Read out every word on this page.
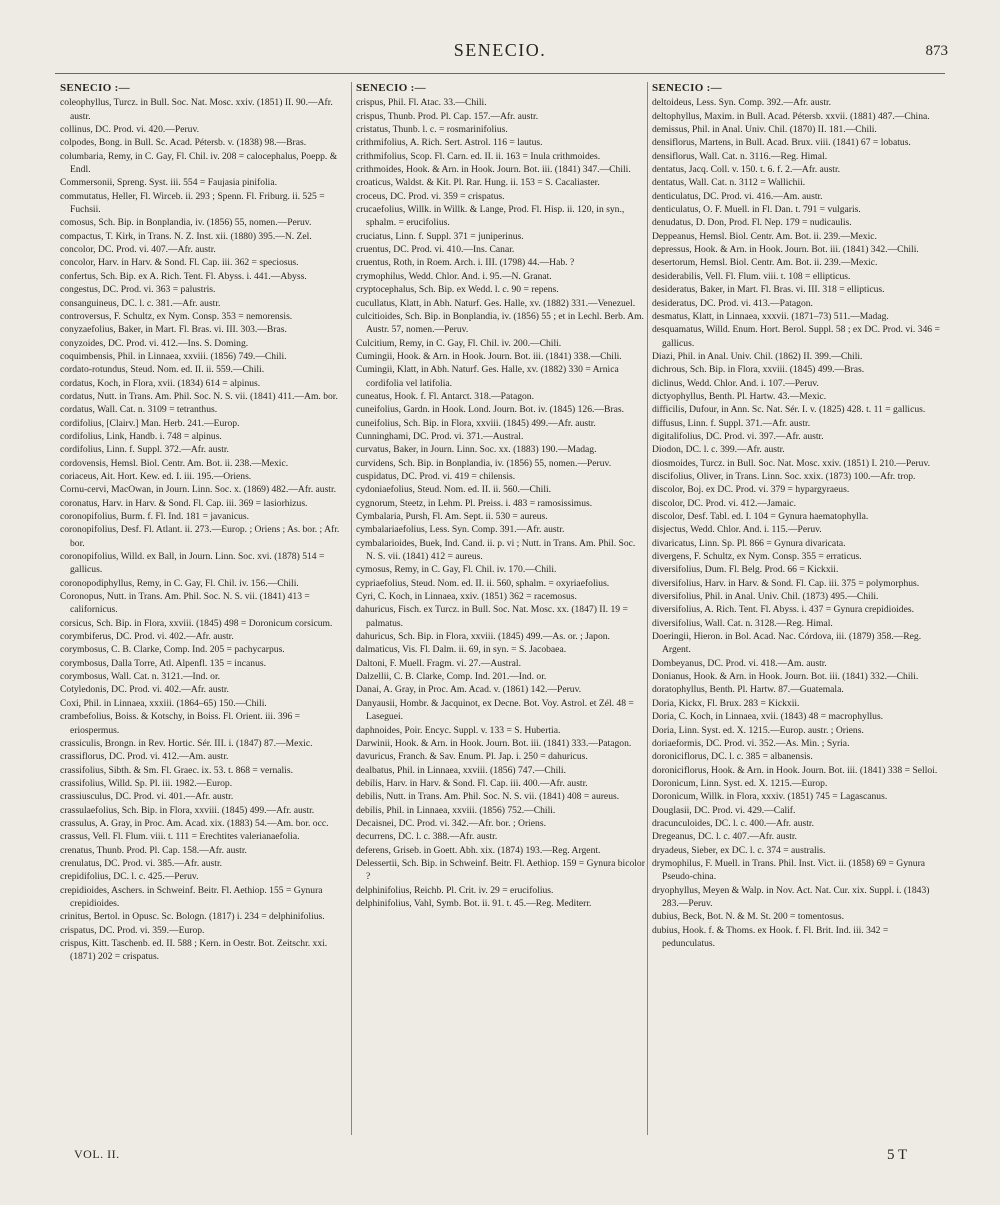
SENECIO.	873
SENECIO :—
coleophyllus, Turcz. in Bull. Soc. Nat. Mosc. xxiv. (1851) II. 90.—Afr. austr.
collinus, DC. Prod. vi. 420.—Peruv.
colpodes, Bong. in Bull. Sc. Acad. Pétersb. v. (1838) 98.—Bras.
columbaria, Remy, in C. Gay, Fl. Chil. iv. 208 = calocephalus, Poepp. & Endl.
Commersonii, Spreng. Syst. iii. 554 = Faujasia pinifolia.
commutatus, Heller, Fl. Wirceb. ii. 293 ; Spenn. Fl. Friburg. ii. 525 = Fuchsii.
comosus, Sch. Bip. in Bonplandia, iv. (1856) 55, nomen.—Peruv.
compactus, T. Kirk, in Trans. N. Z. Inst. xii. (1880) 395.—N. Zel.
concolor, DC. Prod. vi. 407.—Afr. austr.
concolor, Harv. in Harv. & Sond. Fl. Cap. iii. 362 = speciosus.
confertus, Sch. Bip. ex A. Rich. Tent. Fl. Abyss. i. 441.—Abyss.
congestus, DC. Prod. vi. 363 = palustris.
consanguineus, DC. l. c. 381.—Afr. austr.
controversus, F. Schultz, ex Nym. Consp. 353 = nemorensis.
conyzaefolius, Baker, in Mart. Fl. Bras. vi. III. 303.—Bras.
conyzoides, DC. Prod. vi. 412.—Ins. S. Doming.
coquimbensis, Phil. in Linnaea, xxviii. (1856) 749.—Chili.
cordato-rotundus, Steud. Nom. ed. II. ii. 559.—Chili.
cordatus, Koch, in Flora, xvii. (1834) 614 = alpinus.
cordatus, Nutt. in Trans. Am. Phil. Soc. N. S. vii. (1841) 411.—Am. bor.
cordatus, Wall. Cat. n. 3109 = tetranthus.
cordifolius, [Clairv.] Man. Herb. 241.—Europ.
cordifolius, Link, Handb. i. 748 = alpinus.
cordifolius, Linn. f. Suppl. 372.—Afr. austr.
cordovensis, Hemsl. Biol. Centr. Am. Bot. ii. 238.—Mexic.
coriaceus, Ait. Hort. Kew. ed. I. iii. 195.—Oriens.
Cornu-cervi, MacOwan, in Journ. Linn. Soc. x. (1869) 482.—Afr. austr.
coronatus, Harv. in Harv. & Sond. Fl. Cap. iii. 369 = lasiorhizus.
coronopifolius, Burm. f. Fl. Ind. 181 = javanicus.
coronopifolius, Desf. Fl. Atlant. ii. 273.—Europ. ; Oriens ; As. bor. ; Afr. bor.
coronopifolius, Willd. ex Ball, in Journ. Linn. Soc. xvi. (1878) 514 = gallicus.
coronopodiphyllus, Remy, in C. Gay, Fl. Chil. iv. 156.—Chili.
Coronopus, Nutt. in Trans. Am. Phil. Soc. N. S. vii. (1841) 413 = californicus.
corsicus, Sch. Bip. in Flora, xxviii. (1845) 498 = Doronicum corsicum.
corymbiferus, DC. Prod. vi. 402.—Afr. austr.
corymbosus, C. B. Clarke, Comp. Ind. 205 = pachycarpus.
corymbosus, Dalla Torre, Atl. Alpenfl. 135 = incanus.
corymbosus, Wall. Cat. n. 3121.—Ind. or.
Cotyledonis, DC. Prod. vi. 402.—Afr. austr.
Coxi, Phil. in Linnaea, xxxiii. (1864–65) 150.—Chili.
crambefolius, Boiss. & Kotschy, in Boiss. Fl. Orient. iii. 396 = eriospermus.
crassiculis, Brongn. in Rev. Hortic. Sér. III. i. (1847) 87.—Mexic.
crassiflorus, DC. Prod. vi. 412.—Am. austr.
crassifolius, Sibth. & Sm. Fl. Graec. ix. 53. t. 868 = vernalis.
crassifolius, Willd. Sp. Pl. iii. 1982.—Europ.
crassiusculus, DC. Prod. vi. 401.—Afr. austr.
crassulaefolius, Sch. Bip. in Flora, xxviii. (1845) 499.—Afr. austr.
crassulus, A. Gray, in Proc. Am. Acad. xix. (1883) 54.—Am. bor. occ.
crassus, Vell. Fl. Flum. viii. t. 111 = Erechtites valerianaefolia.
crenatus, Thunb. Prod. Pl. Cap. 158.—Afr. austr.
crenulatus, DC. Prod. vi. 385.—Afr. austr.
crepidifolius, DC. l. c. 425.—Peruv.
crepidioides, Aschers. in Schweinf. Beitr. Fl. Aethiop. 155 = Gynura crepidioides.
crinitus, Bertol. in Opusc. Sc. Bologn. (1817) i. 234 = delphinifolius.
crispatus, DC. Prod. vi. 359.—Europ.
crispus, Kitt. Taschenb. ed. II. 588 ; Kern. in Oestr. Bot. Zeitschr. xxi. (1871) 202 = crispatus.
SENECIO :—
crispus, Phil. Fl. Atac. 33.—Chili.
crispus, Thunb. Prod. Pl. Cap. 157.—Afr. austr.
cristatus, Thunb. l. c. = rosmarinifolius.
crithmifolius, A. Rich. Sert. Astrol. 116 = lautus.
crithmifolius, Scop. Fl. Carn. ed. II. ii. 163 = Inula crithmoides.
crithmoides, Hook. & Arn. in Hook. Journ. Bot. iii. (1841) 347.—Chili.
croaticus, Waldst. & Kit. Pl. Rar. Hung. ii. 153 = S. Cacaliaster.
croceus, DC. Prod. vi. 359 = crispatus.
crucaefolius, Willk. in Willk. & Lange, Prod. Fl. Hisp. ii. 120, in syn., sphalm. = erucifolius.
cruciatus, Linn. f. Suppl. 371 = juniperinus.
cruentus, DC. Prod. vi. 410.—Ins. Canar.
cruentus, Roth, in Roem. Arch. i. III. (1798) 44.—Hab. ?
crymophilus, Wedd. Chlor. And. i. 95.—N. Granat.
cryptocephalus, Sch. Bip. ex Wedd. l. c. 90 = repens.
cucullatus, Klatt, in Abh. Naturf. Ges. Halle, xv. (1882) 331.—Venezuel.
culcitioides, Sch. Bip. in Bonplandia, iv. (1856) 55 ; et in Lechl. Berb. Am. Austr. 57, nomen.—Peruv.
Culcitium, Remy, in C. Gay, Fl. Chil. iv. 200.—Chili.
Cumingii, Hook. & Arn. in Hook. Journ. Bot. iii. (1841) 338.—Chili.
Cumingii, Klatt, in Abh. Naturf. Ges. Halle, xv. (1882) 330 = Arnica cordifolia vel latifolia.
cuneatus, Hook. f. Fl. Antarct. 318.—Patagon.
cuneifolius, Gardn. in Hook. Lond. Journ. Bot. iv. (1845) 126.—Bras.
cuneifolius, Sch. Bip. in Flora, xxviii. (1845) 499.—Afr. austr.
Cunninghami, DC. Prod. vi. 371.—Austral.
curvatus, Baker, in Journ. Linn. Soc. xx. (1883) 190.—Madag.
curvidens, Sch. Bip. in Bonplandia, iv. (1856) 55, nomen.—Peruv.
cuspidatus, DC. Prod. vi. 419 = chilensis.
cydoniaefolius, Steud. Nom. ed. II. ii. 560.—Chili.
cygnorum, Steetz, in Lehm. Pl. Preiss. i. 483 = ramosissimus.
Cymbalaria, Pursh, Fl. Am. Sept. ii. 530 = aureus.
cymbalariaefolius, Less. Syn. Comp. 391.—Afr. austr.
cymbalarioides, Buek, Ind. Cand. ii. p. vi ; Nutt. in Trans. Am. Phil. Soc. N. S. vii. (1841) 412 = aureus.
cymosus, Remy, in C. Gay, Fl. Chil. iv. 170.—Chili.
cypriaefolius, Steud. Nom. ed. II. ii. 560, sphalm. = oxyriaefolius.
Cyri, C. Koch, in Linnaea, xxiv. (1851) 362 = racemosus.
dahuricus, Fisch. ex Turcz. in Bull. Soc. Nat. Mosc. xx. (1847) II. 19 = palmatus.
dahuricus, Sch. Bip. in Flora, xxviii. (1845) 499.—As. or. ; Japon.
dalmaticus, Vis. Fl. Dalm. ii. 69, in syn. = S. Jacobaea.
Daltoni, F. Muell. Fragm. vi. 27.—Austral.
Dalzellii, C. B. Clarke, Comp. Ind. 201.—Ind. or.
Danai, A. Gray, in Proc. Am. Acad. v. (1861) 142.—Peruv.
Danyausii, Hombr. & Jacquinot, ex Decne. Bot. Voy. Astrol. et Zél. 48 = Laseguei.
daphnoides, Poir. Encyc. Suppl. v. 133 = S. Hubertia.
Darwinii, Hook. & Arn. in Hook. Journ. Bot. iii. (1841) 333.—Patagon.
davuricus, Franch. & Sav. Enum. Pl. Jap. i. 250 = dahuricus.
dealbatus, Phil. in Linnaea, xxviii. (1856) 747.—Chili.
debilis, Harv. in Harv. & Sond. Fl. Cap. iii. 400.—Afr. austr.
debilis, Nutt. in Trans. Am. Phil. Soc. N. S. vii. (1841) 408 = aureus.
debilis, Phil. in Linnaea, xxviii. (1856) 752.—Chili.
Decaisnei, DC. Prod. vi. 342.—Afr. bor. ; Oriens.
decurrens, DC. l. c. 388.—Afr. austr.
deferens, Griseb. in Goett. Abh. xix. (1874) 193.—Reg. Argent.
Delessertii, Sch. Bip. in Schweinf. Beitr. Fl. Aethiop. 159 = Gynura bicolor ?
delphinifolius, Reichb. Pl. Crit. iv. 29 = erucifolius.
delphinifolius, Vahl, Symb. Bot. ii. 91. t. 45.—Reg. Mediterr.
SENECIO :—
deltoideus, Less. Syn. Comp. 392.—Afr. austr.
deltophyllus, Maxim. in Bull. Acad. Pétersb. xxvii. (1881) 487.—China.
demissus, Phil. in Anal. Univ. Chil. (1870) II. 181.—Chili.
densiflorus, Martens, in Bull. Acad. Brux. viii. (1841) 67 = lobatus.
densiflorus, Wall. Cat. n. 3116.—Reg. Himal.
dentatus, Jacq. Coll. v. 150. t. 6. f. 2.—Afr. austr.
dentatus, Wall. Cat. n. 3112 = Wallichii.
denticulatus, DC. Prod. vi. 416.—Am. austr.
denticulatus, O. F. Muell. in Fl. Dan. t. 791 = vulgaris.
denudatus, D. Don, Prod. Fl. Nep. 179 = nudicaulis.
Deppeanus, Hemsl. Biol. Centr. Am. Bot. ii. 239.—Mexic.
depressus, Hook. & Arn. in Hook. Journ. Bot. iii. (1841) 342.—Chili.
desertorum, Hemsl. Biol. Centr. Am. Bot. ii. 239.—Mexic.
desiderabilis, Vell. Fl. Flum. viii. t. 108 = ellipticus.
desideratus, Baker, in Mart. Fl. Bras. vi. III. 318 = ellipticus.
desideratus, DC. Prod. vi. 413.—Patagon.
desmatus, Klatt, in Linnaea, xxxvii. (1871–73) 511.—Madag.
desquamatus, Willd. Enum. Hort. Berol. Suppl. 58 ; ex DC. Prod. vi. 346 = gallicus.
Diazi, Phil. in Anal. Univ. Chil. (1862) II. 399.—Chili.
dichrous, Sch. Bip. in Flora, xxviii. (1845) 499.—Bras.
diclinus, Wedd. Chlor. And. i. 107.—Peruv.
dictyophyllus, Benth. Pl. Hartw. 43.—Mexic.
difficilis, Dufour, in Ann. Sc. Nat. Sér. I. v. (1825) 428. t. 11 = gallicus.
diffusus, Linn. f. Suppl. 371.—Afr. austr.
digitalifolius, DC. Prod. vi. 397.—Afr. austr.
Diodon, DC. l. c. 399.—Afr. austr.
diosmoides, Turcz. in Bull. Soc. Nat. Mosc. xxiv. (1851) I. 210.—Peruv.
discifolius, Oliver, in Trans. Linn. Soc. xxix. (1873) 100.—Afr. trop.
discolor, Boj. ex DC. Prod. vi. 379 = hypargyraeus.
discolor, DC. Prod. vi. 412.—Jamaic.
discolor, Desf. Tabl. ed. I. 104 = Gynura haematophylla.
disjectus, Wedd. Chlor. And. i. 115.—Peruv.
divaricatus, Linn. Sp. Pl. 866 = Gynura divaricata.
divergens, F. Schultz, ex Nym. Consp. 355 = erraticus.
diversifolius, Dum. Fl. Belg. Prod. 66 = Kickxii.
diversifolius, Harv. in Harv. & Sond. Fl. Cap. iii. 375 = polymorphus.
diversifolius, Phil. in Anal. Univ. Chil. (1873) 495.—Chili.
diversifolius, A. Rich. Tent. Fl. Abyss. i. 437 = Gynura crepidioides.
diversifolius, Wall. Cat. n. 3128.—Reg. Himal.
Doeringii, Hieron. in Bol. Acad. Nac. Córdova, iii. (1879) 358.—Reg. Argent.
Dombeyanus, DC. Prod. vi. 418.—Am. austr.
Donianus, Hook. & Arn. in Hook. Journ. Bot. iii. (1841) 332.—Chili.
doratophyllus, Benth. Pl. Hartw. 87.—Guatemala.
Doria, Kickx, Fl. Brux. 283 = Kickxii.
Doria, C. Koch, in Linnaea, xvii. (1843) 48 = macrophyllus.
Doria, Linn. Syst. ed. X. 1215.—Europ. austr. ; Oriens.
doriaeformis, DC. Prod. vi. 352.—As. Min. ; Syria.
doroniciflorus, DC. l. c. 385 = albanensis.
doroniciflorus, Hook. & Arn. in Hook. Journ. Bot. iii. (1841) 338 = Selloi.
Doronicum, Linn. Syst. ed. X. 1215.—Europ.
Doronicum, Willk. in Flora, xxxiv. (1851) 745 = Lagascanus.
Douglasii, DC. Prod. vi. 429.—Calif.
dracunculoides, DC. l. c. 400.—Afr. austr.
Dregeanus, DC. l. c. 407.—Afr. austr.
dryadeus, Sieber, ex DC. l. c. 374 = australis.
drymophilus, F. Muell. in Trans. Phil. Inst. Vict. ii. (1858) 69 = Gynura Pseudo-china.
dryophyllus, Meyen & Walp. in Nov. Act. Nat. Cur. xix. Suppl. i. (1843) 283.—Peruv.
dubius, Beck, Bot. N. & M. St. 200 = tomentosus.
dubius, Hook. f. & Thoms. ex Hook. f. Fl. Brit. Ind. iii. 342 = pedunculatus.
VOL. II.	5 T
